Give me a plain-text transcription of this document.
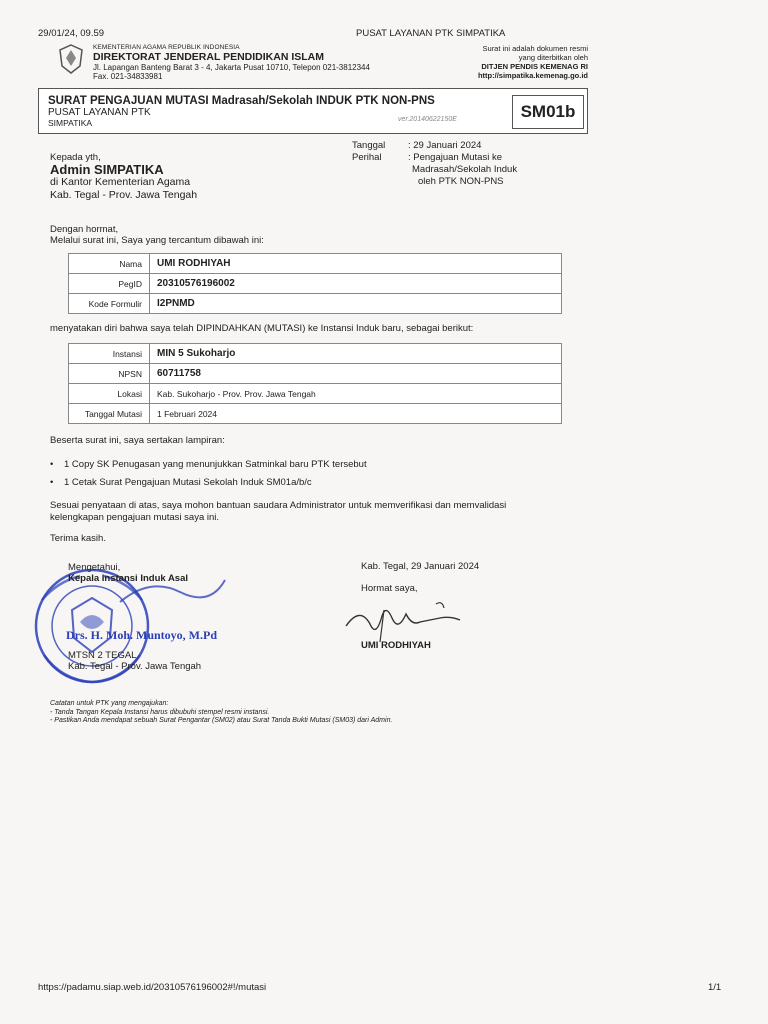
29/01/24, 09.59	PUSAT LAYANAN PTK SIMPATIKA
KEMENTERIAN AGAMA REPUBLIK INDONESIA
DIREKTORAT JENDERAL PENDIDIKAN ISLAM
Jl. Lapangan Banteng Barat 3 - 4, Jakarta Pusat 10710, Telepon 021-3812344
Fax. 021-34833981
Surat ini adalah dokumen resmi
yang diterbitkan oleh
DITJEN PENDIS KEMENAG RI
http://simpatika.kemenag.go.id
SURAT PENGAJUAN MUTASI Madrasah/Sekolah INDUK PTK NON-PNS
PUSAT LAYANAN PTK
SIMPATIKA	ver.20140622150E	SM01b
Kepada yth,
Admin SIMPATIKA
di Kantor Kementerian Agama
Kab. Tegal - Prov. Jawa Tengah
Tanggal : 29 Januari 2024
Perihal	: Pengajuan Mutasi ke
Madrasah/Sekolah Induk
oleh PTK NON-PNS
Dengan hormat,
Melalui surat ini, Saya yang tercantum dibawah ini:
Nama	UMI RODHIYAH
PegID	20310576196002
Kode Formulir	I2PNMD
menyatakan diri bahwa saya telah DIPINDAHKAN (MUTASI) ke Instansi Induk baru, sebagai berikut:
Instansi	MIN 5 Sukoharjo
NPSN	60711758
Lokasi	Kab. Sukoharjo - Prov. Prov. Jawa Tengah
Tanggal Mutasi	1 Februari 2024
Beserta surat ini, saya sertakan lampiran:
• 1 Copy SK Penugasan yang menunjukkan Satminkal baru PTK tersebut
• 1 Cetak Surat Pengajuan Mutasi Sekolah Induk SM01a/b/c
Sesuai penyataan di atas, saya mohon bantuan saudara Administrator untuk memverifikasi dan memvalidasi
kelengkapan pengajuan mutasi saya ini.
Terima kasih.
Mengetahui,
Kepala Instansi Induk Asal
Drs. H. Moh. Muntoyo, M.Pd
MTSN 2 TEGAL
Kab. Tegal - Prov. Jawa Tengah
Kab. Tegal, 29 Januari 2024
Hormat saya,
UMI RODHIYAH
Catatan untuk PTK yang mengajukan:
- Tanda Tangan Kepala Instansi harus dibubuhi stempel resmi instansi.
- Pastikan Anda mendapat sebuah Surat Pengantar (SM02) atau Surat Tanda Bukti Mutasi (SM03) dari Admin.
https://padamu.siap.web.id/20310576196002#!/mutasi	1/1
